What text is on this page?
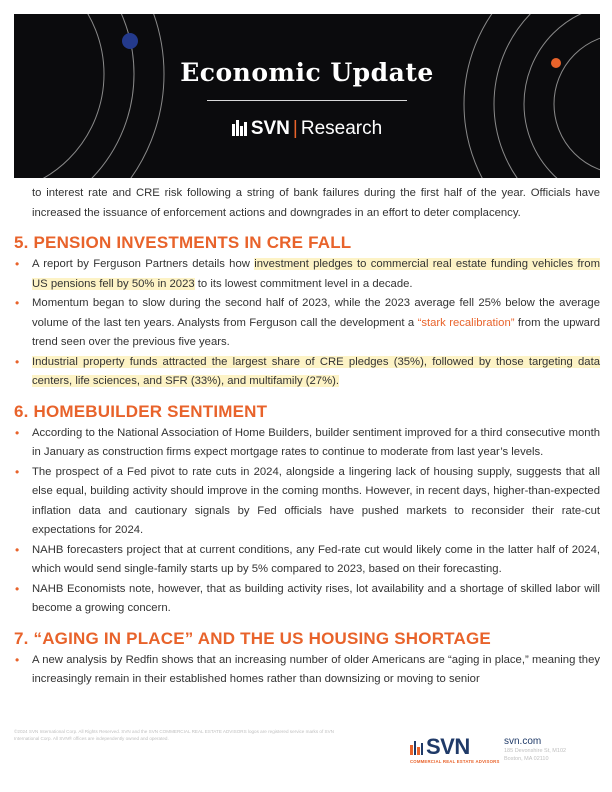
Economic Update
SVN | Research

to interest rate and CRE risk following a string of bank failures during the first half of the year. Officials have increased the issuance of enforcement actions and downgrades in an effort to deter complacency.

5. PENSION INVESTMENTS IN CRE FALL
• A report by Ferguson Partners details how investment pledges to commercial real estate funding vehicles from US pensions fell by 50% in 2023 to its lowest commitment level in a decade.
• Momentum began to slow during the second half of 2023, while the 2023 average fell 25% below the average volume of the last ten years. Analysts from Ferguson call the development a “stark recalibration” from the upward trend seen over the previous five years.
• Industrial property funds attracted the largest share of CRE pledges (35%), followed by those targeting data centers, life sciences, and SFR (33%), and multifamily (27%).
6. HOMEBUILDER SENTIMENT
• According to the National Association of Home Builders, builder sentiment improved for a third consecutive month in January as construction firms expect mortgage rates to continue to moderate from last year’s levels.
• The prospect of a Fed pivot to rate cuts in 2024, alongside a lingering lack of housing supply, suggests that all else equal, building activity should improve in the coming months. However, in recent days, higher-than-expected inflation data and cautionary signals by Fed officials have pushed markets to reconsider their rate-cut expectations for 2024.
• NAHB forecasters project that at current conditions, any Fed-rate cut would likely come in the latter half of 2024, which would send single-family starts up by 5% compared to 2023, based on their forecasting.
• NAHB Economists note, however, that as building activity rises, lot availability and a shortage of skilled labor will become a growing concern.
7. “AGING IN PLACE” AND THE US HOUSING SHORTAGE
• A new analysis by Redfin shows that an increasing number of older Americans are “aging in place,” meaning they increasingly remain in their established homes rather than downsizing or moving to senior
©2024 SVN International Corp. All Rights Reserved. SVN and the SVN COMMERCIAL REAL ESTATE ADVISORS logos are registered service marks of SVN International Corp. All SVN® offices are independently owned and operated.	SVN
COMMERCIAL REAL ESTATE ADVISORS
svn.com
185 Devonshire St, M102
Boston, MA 02110
